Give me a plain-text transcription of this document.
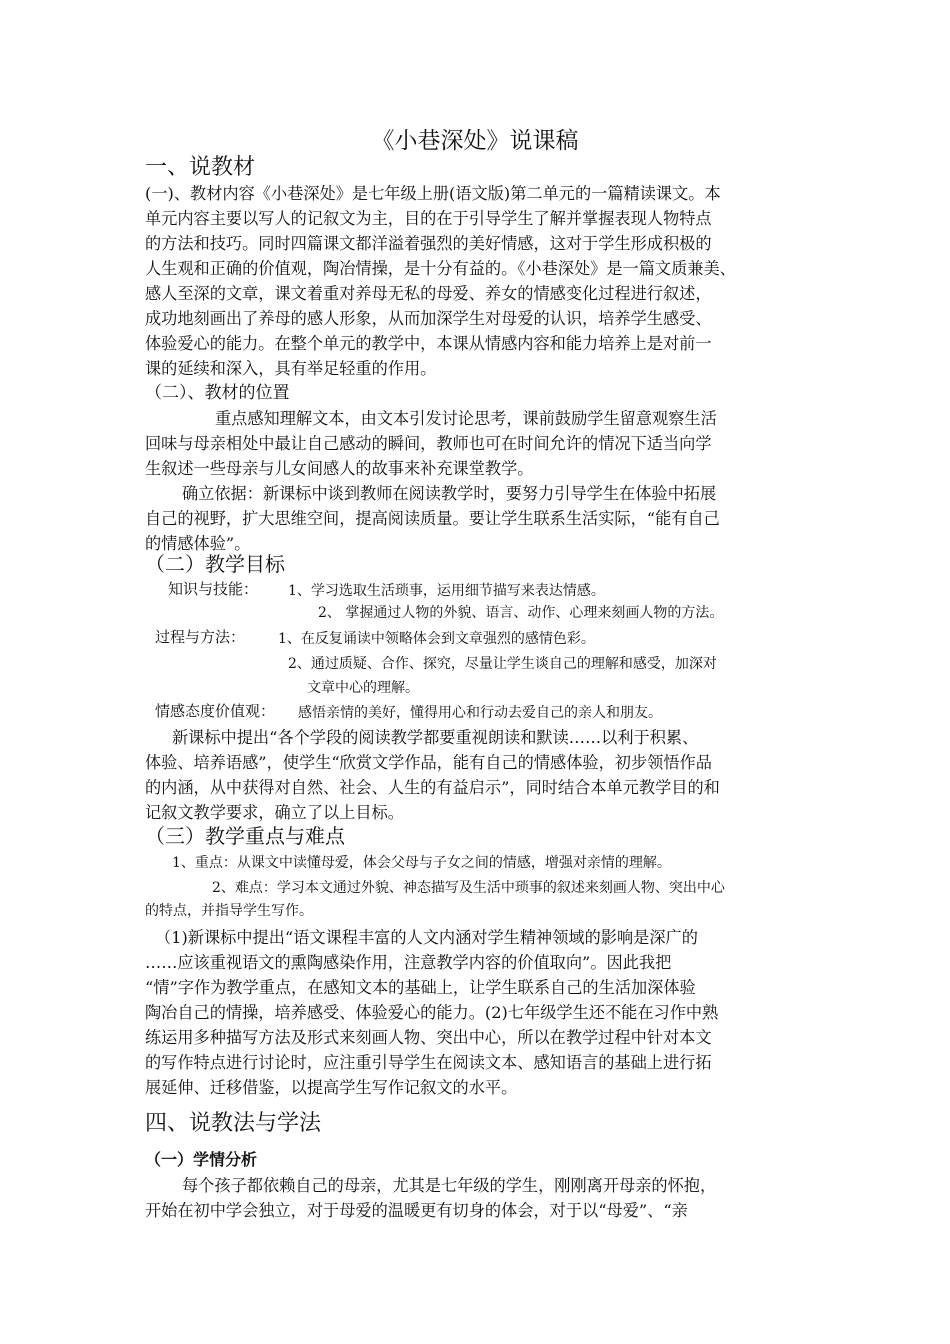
《小巷深处》说课稿
一、说教材
(一)、教材内容《小巷深处》是七年级上册(语文版)第二单元的一篇精读课文。本
单元内容主要以写人的记叙文为主，目的在于引导学生了解并掌握表现人物特点
的方法和技巧。同时四篇课文都洋溢着强烈的美好情感，这对于学生形成积极的
人生观和正确的价值观，陶冶情操，是十分有益的。《小巷深处》是一篇文质兼美、
感人至深的文章，课文着重对养母无私的母爱、养女的情感变化过程进行叙述，
成功地刻画出了养母的感人形象，从而加深学生对母爱的认识，培养学生感受、
体验爱心的能力。在整个单元的教学中，本课从情感内容和能力培养上是对前一
课的延续和深入，具有举足轻重的作用。
（二）、教材的位置
重点感知理解文本，由文本引发讨论思考，课前鼓励学生留意观察生活
回味与母亲相处中最让自己感动的瞬间，教师也可在时间允许的情况下适当向学
生叙述一些母亲与儿女间感人的故事来补充课堂教学。
确立依据：新课标中谈到教师在阅读教学时，要努力引导学生在体验中拓展
自己的视野，扩大思维空间，提高阅读质量。要让学生联系生活实际，“能有自己
的情感体验”。
（二）教学目标
知识与技能： 1、学习选取生活琐事，运用细节描写来表达情感。
2、 掌握通过人物的外貌、语言、动作、心理来刻画人物的方法。
过程与方法： 1、在反复诵读中领略体会到文章强烈的感情色彩。
2、通过质疑、合作、探究，尽量让学生谈自己的理解和感受，加深对
文章中心的理解。
情感态度价值观： 感悟亲情的美好，懂得用心和行动去爱自己的亲人和朋友。
新课标中提出“各个学段的阅读教学都要重视朗读和默读……以利于积累、
体验、培养语感”，使学生“欣赏文学作品，能有自己的情感体验，初步领悟作品
的内涵，从中获得对自然、社会、人生的有益启示”，同时结合本单元教学目的和
记叙文教学要求，确立了以上目标。
（三）教学重点与难点
1、重点：从课文中读懂母爱，体会父母与子女之间的情感，增强对亲情的理解。
2、难点：学习本文通过外貌、神态描写及生活中琐事的叙述来刻画人物、突出中心
的特点，并指导学生写作。
（1)新课标中提出“语文课程丰富的人文内涵对学生精神领域的影响是深广的
……应该重视语文的熏陶感染作用，注意教学内容的价值取向”。因此我把
“情”字作为教学重点，在感知文本的基础上，让学生联系自己的生活加深体验
陶冶自己的情操，培养感受、体验爱心的能力。(2)七年级学生还不能在习作中熟
练运用多种描写方法及形式来刻画人物、突出中心，所以在教学过程中针对本文
的写作特点进行讨论时，应注重引导学生在阅读文本、感知语言的基础上进行拓
展延伸、迁移借鉴，以提高学生写作记叙文的水平。
四、说教法与学法
（一）学情分析
每个孩子都依赖自己的母亲，尤其是七年级的学生，刚刚离开母亲的怀抱，
开始在初中学会独立，对于母爱的温暖更有切身的体会，对于以“母爱”、“亲
